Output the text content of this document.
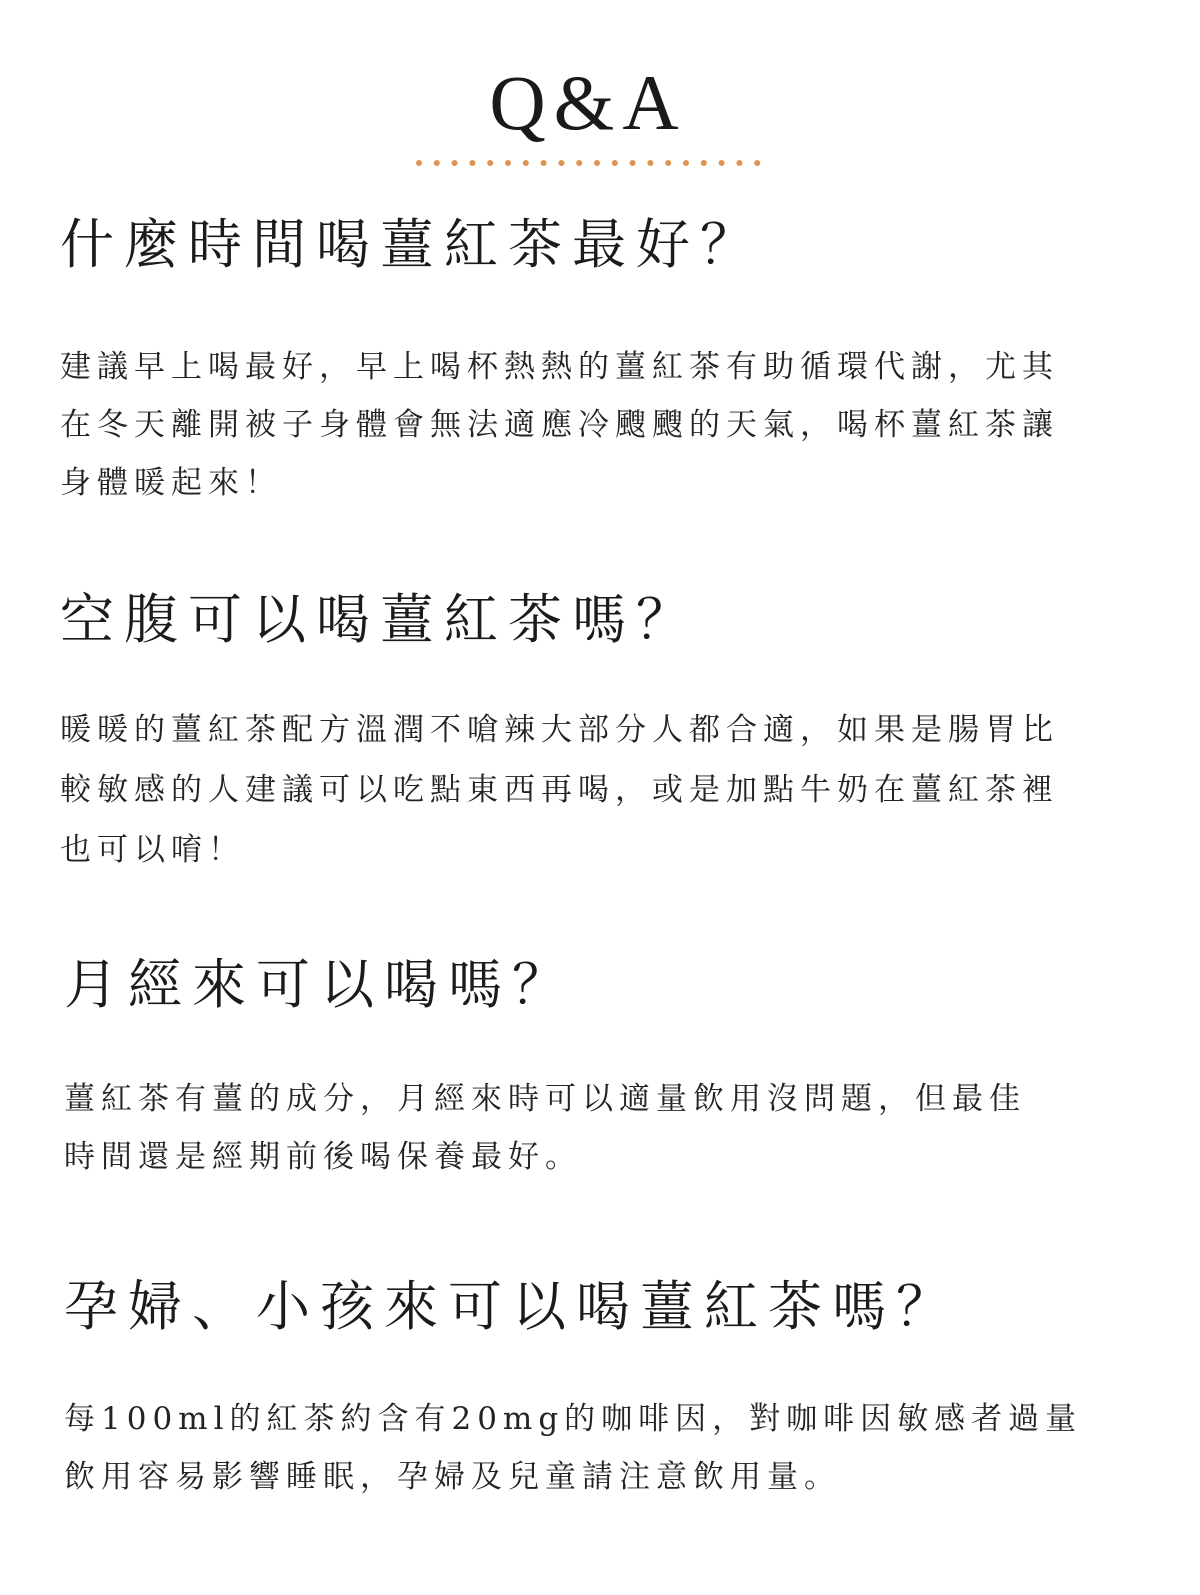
Q&A
什麼時間喝薑紅茶最好？
建議早上喝最好，早上喝杯熱熱的薑紅茶有助循環代謝，尤其
在冬天離開被子身體會無法適應冷颼颼的天氣，喝杯薑紅茶讓
身體暖起來！
空腹可以喝薑紅茶嗎？
暖暖的薑紅茶配方溫潤不嗆辣大部分人都合適，如果是腸胃比
較敏感的人建議可以吃點東西再喝，或是加點牛奶在薑紅茶裡
也可以唷！
月經來可以喝嗎？
薑紅茶有薑的成分，月經來時可以適量飲用沒問題，但最佳
時間還是經期前後喝保養最好。
孕婦、小孩來可以喝薑紅茶嗎？
每100ml的紅茶約含有20mg的咖啡因，對咖啡因敏感者過量
飲用容易影響睡眠，孕婦及兒童請注意飲用量。
